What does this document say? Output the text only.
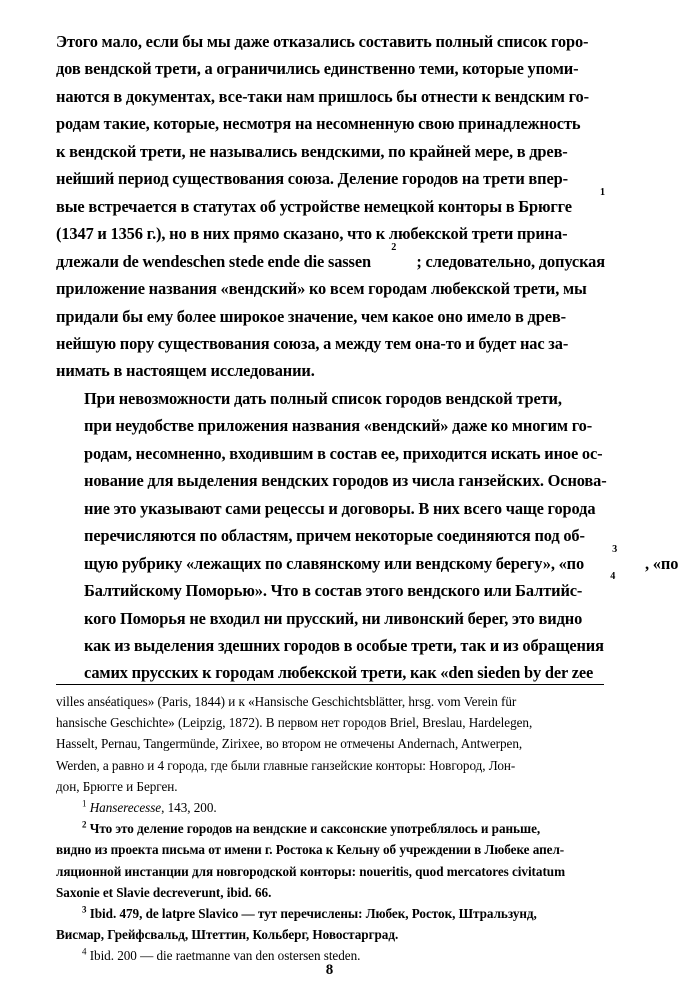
Этого мало, если бы мы даже отказались составить полный список горо-
дов вендской трети, а ограничились единственно теми, которые упоми-
наются в документах, все-таки нам пришлось бы отнести к вендским го-
родам такие, которые, несмотря на несомненную свою принадлежность
к вендской трети, не назывались вендскими, по крайней мере, в древ-
нейший период существования союза. Деление городов на трети впер-
вые встречается в статутах об устройстве немецкой конторы в Брюгге
1
(1347 и 1356 г.), но в них прямо сказано, что к любекской трети прина-
длежали de wendeschen stede ende die sassen
2
; следовательно, допуская
приложение названия «вендский» ко всем городам любекской трети, мы
придали бы ему более широкое значение, чем какое оно имело в древ-
нейшую пору существования союза, а между тем она-то и будет нас за-
нимать в настоящем исследовании.

При невозможности дать полный список городов вендской трети,
при неудобстве приложения названия «вендский» даже ко многим го-
родам, несомненно, входившим в состав ее, приходится искать иное ос-
нование для выделения вендских городов из числа ганзейских. Основа-
ние это указывают сами рецессы и договоры. В них всего чаще города
перечисляются по областям, причем некоторые соединяются под об-
щую рубрику «лежащих по славянскому или вендскому берегу», «по
3
, «по
Балтийскому Поморью». Что в состав этого вендского или Балтийс-
4
кого Поморья не входил ни прусский, ни ливонский берег, это видно
как из выделения здешних городов в особые трети, так и из обращения
самих прусских к городам любекской трети, как «den sieden by der zee

villes anséatiques» (Paris, 1844) и к «Hansische Geschichtsblätter, hrsg. vom Verein für
hansische Geschichte» (Leipzig, 1872). В первом нет городов Briel, Breslau, Hardelegen,
Hasselt, Pernau, Tangermünde, Zirixee, во втором не отмечены Andernach, Antwerpen,
Werden, а равно и 4 города, где были главные ганзейские конторы: Новгород, Лон-
дон, Брюгге и Берген.

$^1$ Hanserecesse, 143, 200.

$^2$ Что это деление городов на вендские и саксонские употреблялось и раньше,
видно из проекта письма от имени г. Ростока к Кельну об учреждении в Любеке апел-
ляционной инстанции для новгородской конторы: noueritis, quod mercatores civitatum
Saxonie et Slavie decreverunt, ibid. 66.

$^3$ Ibid. 479, de latpre Slavico — тут перечислены: Любек, Росток, Штральзунд,
Висмар, Грейфсвальд, Штеттин, Кольберг, Новостарград.

$^4$ Ibid. 200 — die raetmanne van den ostersen steden.

8
